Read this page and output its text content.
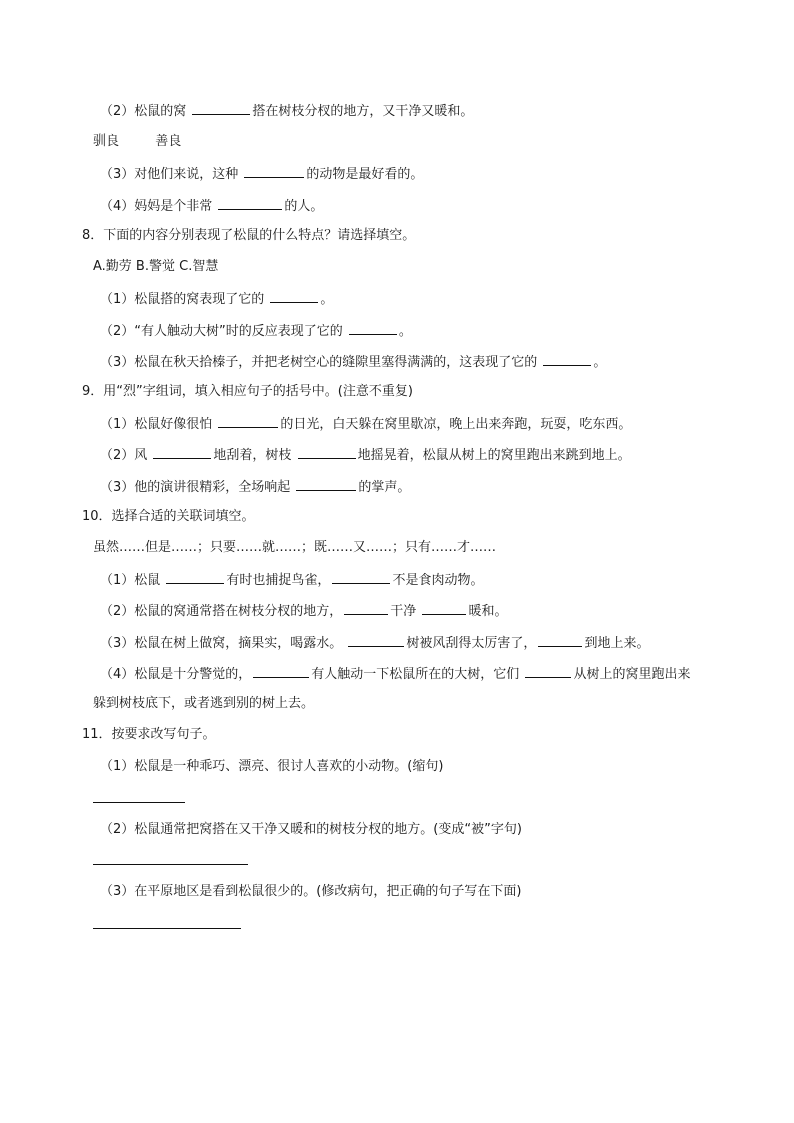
（2）松鼠的窝	搭在树枝分杈的地方，又干净又暖和。
驯良	善良
（3）对他们来说，这种	的动物是最好看的。
（4）妈妈是个非常	的人。
8．下面的内容分别表现了松鼠的什么特点？请选择填空。
A.勤劳 B.警觉 C.智慧
（1）松鼠搭的窝表现了它的	。
（2）“有人触动大树”时的反应表现了它的	。
（3）松鼠在秋天拾榛子，并把老树空心的缝隙里塞得满满的，这表现了它的	。
9．用“烈”字组词，填入相应句子的括号中。(注意不重复)
（1）松鼠好像很怕	的日光，白天躲在窝里歇凉，晚上出来奔跑，玩耍，吃东西。
（2）风	地刮着，树枝	地摇晃着，松鼠从树上的窝里跑出来跳到地上。
（3）他的演讲很精彩，全场响起	的掌声。
10．选择合适的关联词填空。
虽然……但是……；只要……就……；既……又……；只有……才……
（1）松鼠	有时也捕捉鸟雀，	不是食肉动物。
（2）松鼠的窝通常搭在树枝分杈的地方，	干净	暖和。
（3）松鼠在树上做窝，摘果实，喝露水。	树被风刮得太厉害了，	到地上来。
（4）松鼠是十分警觉的，	有人触动一下松鼠所在的大树，它们	从树上的窝里跑出来
躲到树枝底下，或者逃到别的树上去。
11．按要求改写句子。
（1）松鼠是一种乖巧、漂亮、很讨人喜欢的小动物。(缩句)
（2）松鼠通常把窝搭在又干净又暖和的树枝分杈的地方。(变成“被”字句)
（3）在平原地区是看到松鼠很少的。(修改病句，把正确的句子写在下面)
